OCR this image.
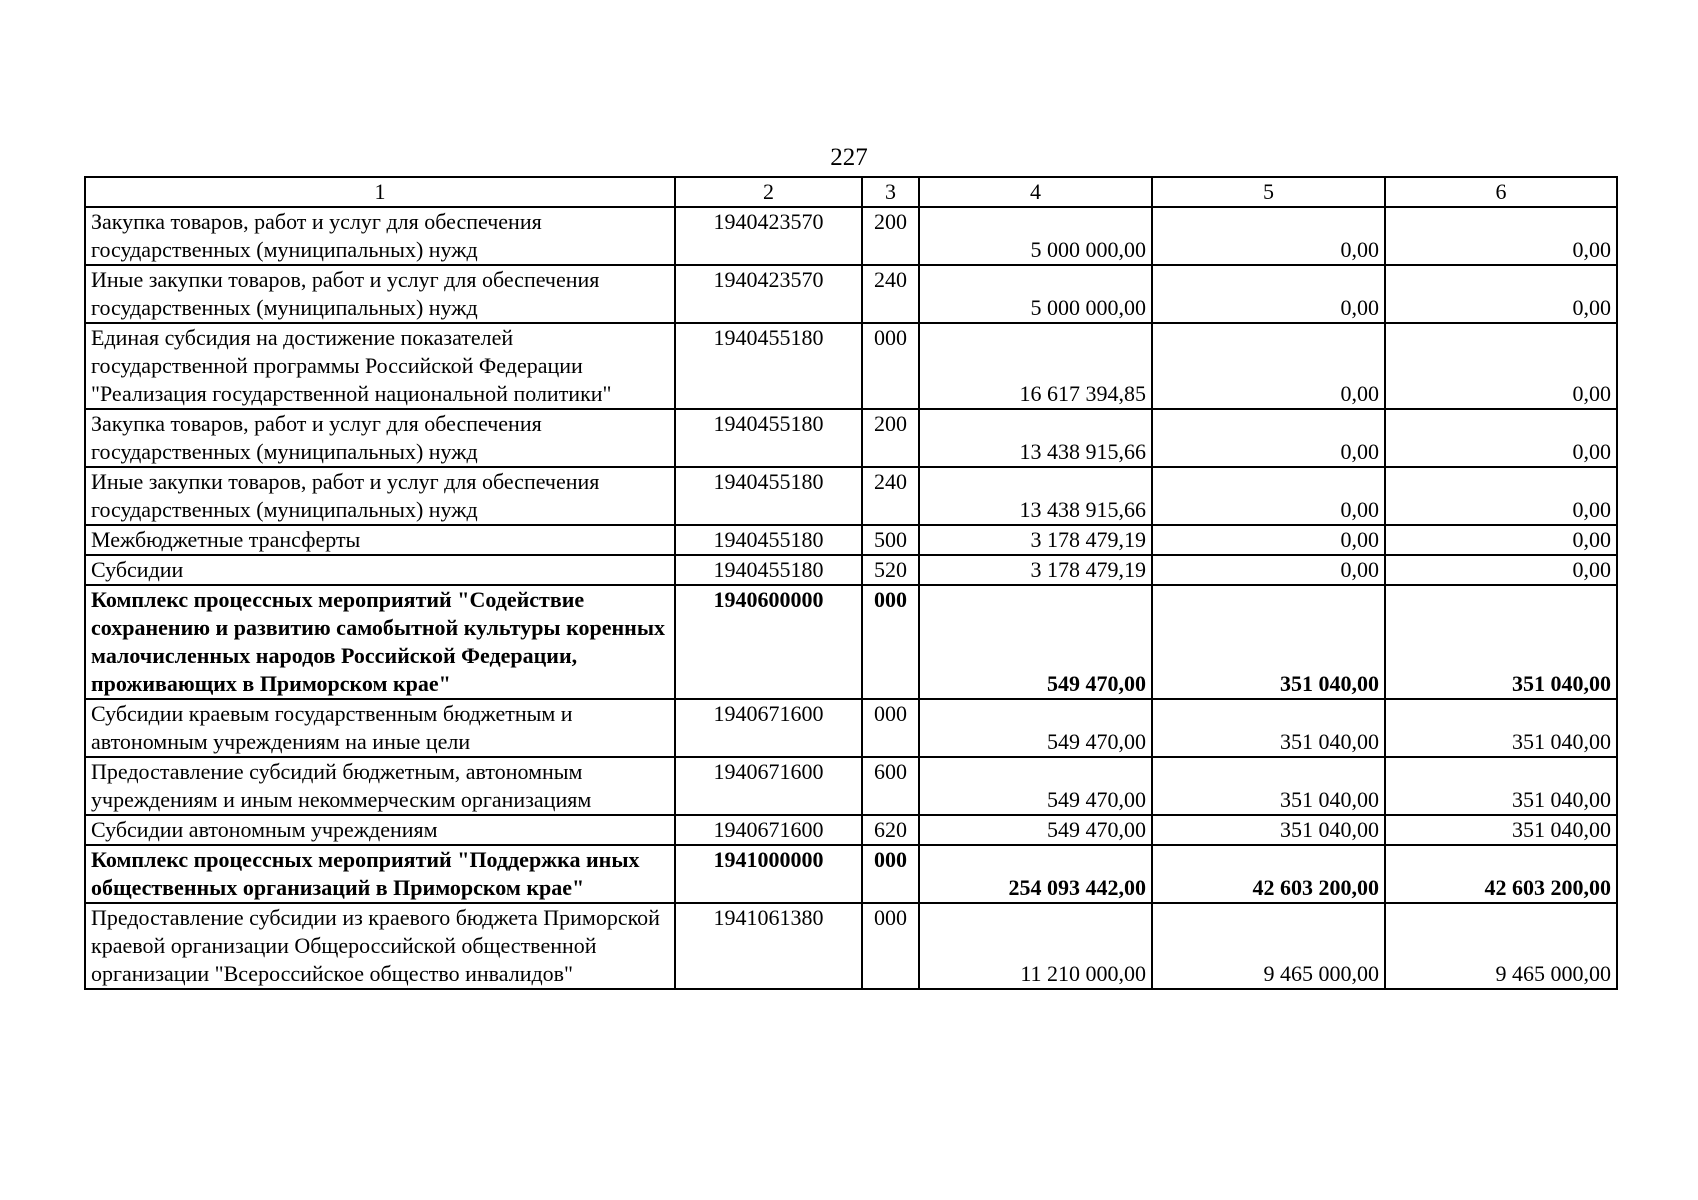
227
1	2	3	4	5	6
Закупка товаров, работ и услуг для обеспечения государственных (муниципальных) нужд	1940423570	200	5 000 000,00	0,00	0,00
Иные закупки товаров, работ и услуг для обеспечения государственных (муниципальных) нужд	1940423570	240	5 000 000,00	0,00	0,00
Единая субсидия на достижение показателей государственной программы Российской Федерации "Реализация государственной национальной политики"	1940455180	000	16 617 394,85	0,00	0,00
Закупка товаров, работ и услуг для обеспечения государственных (муниципальных) нужд	1940455180	200	13 438 915,66	0,00	0,00
Иные закупки товаров, работ и услуг для обеспечения государственных (муниципальных) нужд	1940455180	240	13 438 915,66	0,00	0,00
Межбюджетные трансферты	1940455180	500	3 178 479,19	0,00	0,00
Субсидии	1940455180	520	3 178 479,19	0,00	0,00
Комплекс процессных мероприятий "Содействие сохранению и развитию самобытной культуры коренных малочисленных народов Российской Федерации, проживающих в Приморском крае"	1940600000	000	549 470,00	351 040,00	351 040,00
Субсидии краевым государственным бюджетным и автономным учреждениям на иные цели	1940671600	000	549 470,00	351 040,00	351 040,00
Предоставление субсидий бюджетным, автономным учреждениям и иным некоммерческим организациям	1940671600	600	549 470,00	351 040,00	351 040,00
Субсидии автономным учреждениям	1940671600	620	549 470,00	351 040,00	351 040,00
Комплекс процессных мероприятий "Поддержка иных общественных организаций в Приморском крае"	1941000000	000	254 093 442,00	42 603 200,00	42 603 200,00
Предоставление субсидии из краевого бюджета Приморской краевой организации Общероссийской общественной организации "Всероссийское общество инвалидов"	1941061380	000	11 210 000,00	9 465 000,00	9 465 000,00
